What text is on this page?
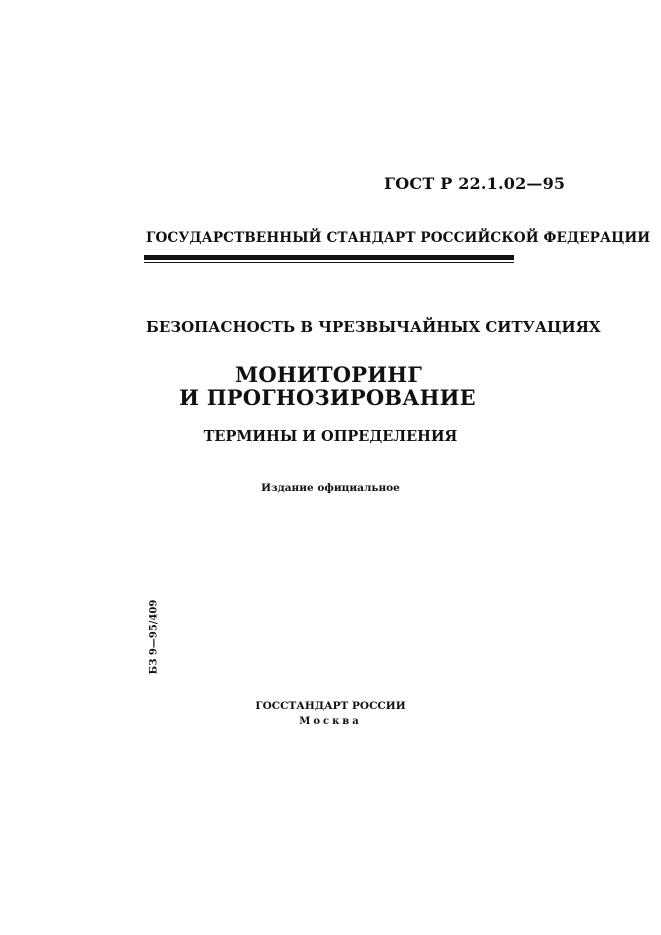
ГОСТ Р 22.1.02—95
ГОСУДАРСТВЕННЫЙ СТАНДАРТ РОССИЙСКОЙ ФЕДЕРАЦИИ
БЕЗОПАСНОСТЬ В ЧРЕЗВЫЧАЙНЫХ СИТУАЦИЯХ
МОНИТОРИНГ
И ПРОГНОЗИРОВАНИЕ
ТЕРМИНЫ И ОПРЕДЕЛЕНИЯ
Издание официальное
БЗ 9—95/409
ГОССТАНДАРТ РОССИИ
Москва
